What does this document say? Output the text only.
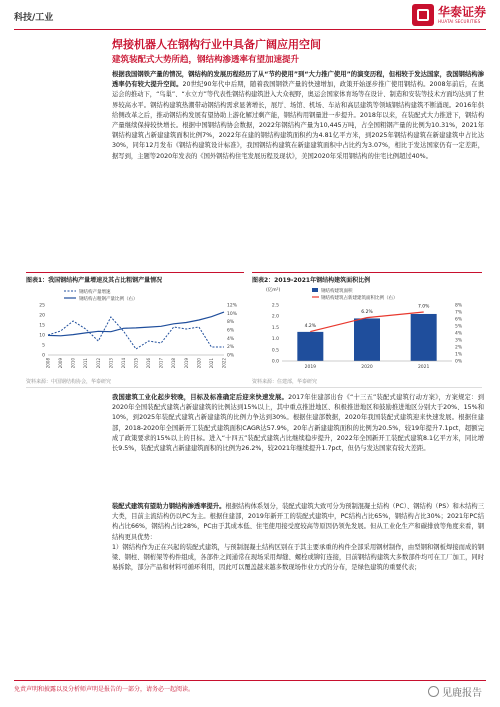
科技/工业	华泰证券
HUATAI SECURITIES
焊接机器人在钢构行业中具备广阔应用空间
建筑装配式大势所趋，钢结构渗透率有望加速提升
根据我国钢铁产量的情况，钢结构的发展历程经历了从“节约使用”到“大力推广使用”的演变历程，但相较于发达国家，我国钢结构渗透率仍有较大提升空间。20世纪90年代中后期，随着我国钢铁产量的快速增加，政策开始逐步推广使用钢结构。2008年前后，在奥运会的推动下，“鸟巢”、“水立方”等代表性钢结构建筑进入大众视野，奥运会国家体育场等在设计、制造和安装等技术方面均达到了世界较高水平。钢结构建筑热潮带动钢结构需求显著增长，展厅、场馆、机场、车站和高层建筑等领域钢结构建筑不断涌现。2016年供给侧改革之后，推动钢结构发展有望协助上游化解过剩产能，钢结构用钢量进一步提升。2018年以来，在装配式大力推进下，钢结构产量继续保持较快增长。根据中国钢结构协会数据，2022年钢结构产量为10,445万吨，占全国粗钢产量的比例为10.31%，2021年钢结构建筑占新建建筑面积比例7%，2022年在建的钢结构建筑面积约为4.81亿平方米，到2025年钢结构建筑在新建建筑中占比达30%，同年12月发布《钢结构建筑设计标准》，我国钢结构建筑在新建建筑面积中占比约为3.07%，相比于发达国家仍有一定差距，据写到，主题等2020年发表的《国外钢结构住宅发展历程及现状》，美国2020年采用钢结构的住宅比例超过40%。
图表1：我国钢结构产量增速及其占比粗钢产量情况
0
5
10
15
20
25
0%
2%
4%
6%
8%
10%
12%
2008 2009 2010 2011 2012 2013 2014 2015 2016 2017 2018 2019 2020 2021 2022
钢结构产量增速
钢结构占粗钢产量比例（右）
图表2：2019-2021年钢结构建筑面积比例
(亿m²)
0.0
0.5
1.0
1.5
2.0
2.5
0%
1%
2%
3%
4%
5%
6%
7%
8%
2019	2020	2021
4.2%
6.2%
7.0%
钢结构建筑面积
钢结构建筑占新建建筑面积比例（右）
资料来源：中国钢结构协会，华泰研究	资料来源：住建部，华泰研究
我国建筑工业化起步较晚，目标及标准确定后迎来快速发展。2017年住建部出台《“十三五”装配式建筑行动方案》，方案规定：到2020年全国装配式建筑占新建建筑的比例达到15%以上，其中重点推进地区、积极推进地区和鼓励推进地区分别大于20%、15%和10%，到2025年装配式建筑占新建建筑的比例力争达到30%。根据住建部数据，2020年我国装配式建筑迎来快速发展。根据住建部，2018-2020年全国新开工装配式建筑面积CAGR达57.9%，20年占新建建筑面积的比例为20.5%，较19年提升7.1pct，超额完成了政策要求的15%以上的目标。进入“十四五”装配式建筑占比继续稳步提升，2022年全国新开工装配式建筑8.1亿平方米，同比增长9.5%，装配式建筑占新建建筑面积的比例为26.2%，较2021年继续提升1.7pct，但仍与发达国家有较大差距。
装配式建筑有望助力钢结构渗透率提升。根据结构体系划分，装配式建筑大致可分为预制混凝土结构（PC）、钢结构（PS）和木结构三大类，目前主流结构仍以PC为主。根据住建部，2019年新开工的装配式建筑中，PC结构占比65%，钢结构占比30%；2021年PC结构占比66%，钢结构占比28%，PC由于其成本低、住宅使用接受度较高等原因仍领先发展。但从工业化生产和碳排放等角度来看，钢结构更具优势：
1）钢结构作为正在兴起的装配式建筑，与预制混凝土结构区别在于其主要承重的构件全部采用钢材制作，由型钢和钢板焊接而成的钢梁、钢柱、钢桁架等构件组成，各部件之间通常在现场采用焊缝、螺栓或铆钉连接，目前钢结构建筑大多数部件均可在工厂加工，同时易拆除，部分产品和材料可循环利用，因此可以覆盖越来越多数现场作业方式的分布，是绿色建筑的重要代表；
免责声明和披露以及分析师声明是报告的一部分，请务必一起阅读。	见鹿报告
